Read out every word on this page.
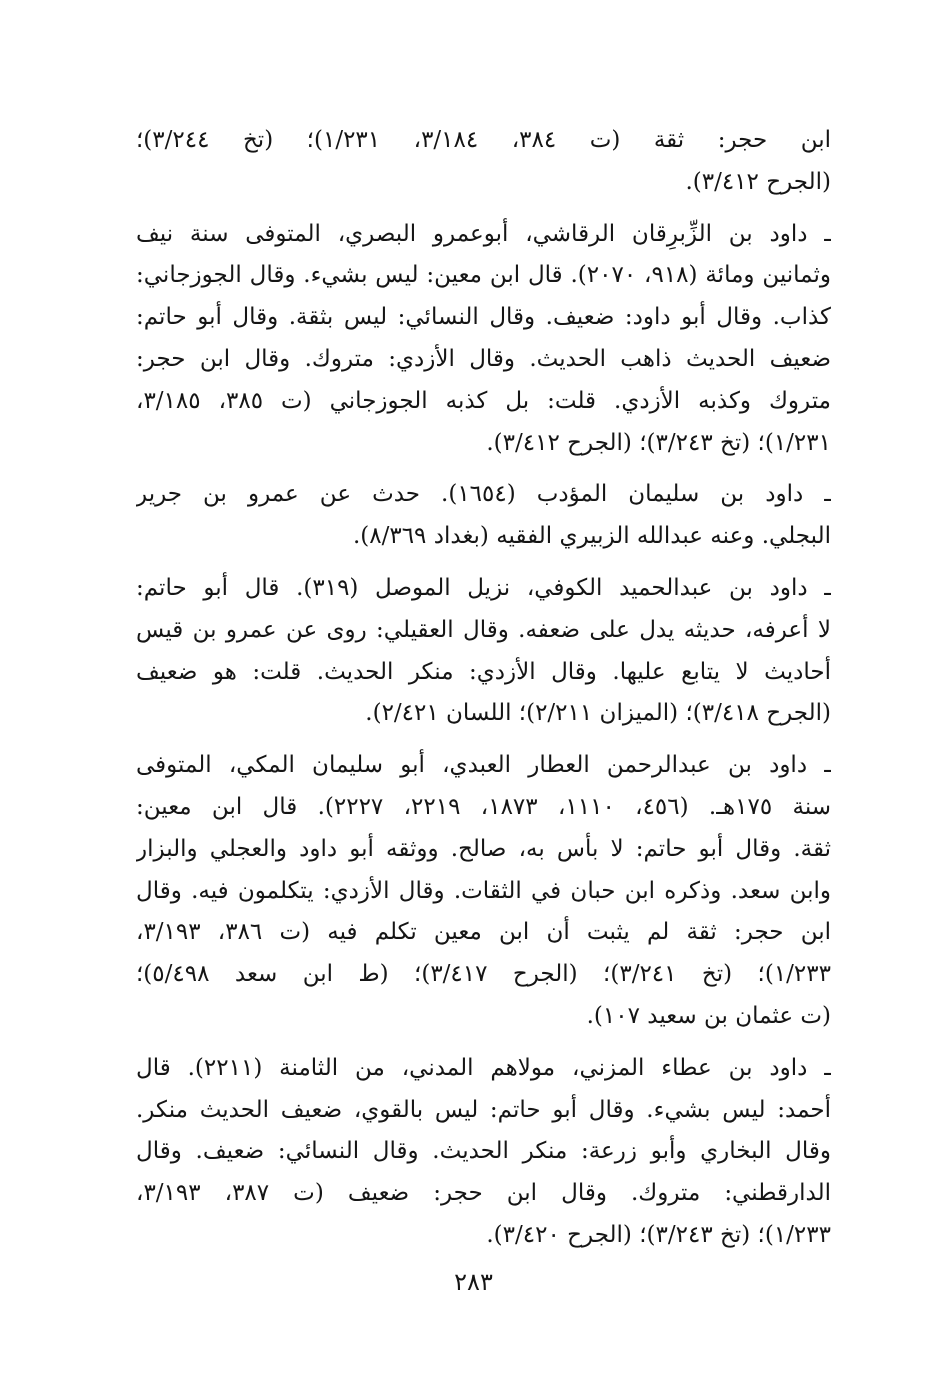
ابن حجر: ثقة (ت ٣٨٤، ٣/١٨٤، ١/٢٣١)؛ (تخ ٣/٢٤٤)؛
(الجرح ٣/٤١٢).
ـ داود بن الزِّبرِقان الرقاشي، أبوعمرو البصري، المتوفى سنة نيف
وثمانين ومائة (٩١٨، ٢٠٧٠). قال ابن معين: ليس بشيء. وقال الجوزجاني:
كذاب. وقال أبو داود: ضعيف. وقال النسائي: ليس بثقة. وقال أبو حاتم:
ضعيف الحديث ذاهب الحديث. وقال الأزدي: متروك. وقال ابن حجر:
متروك وكذبه الأزدي. قلت: بل كذبه الجوزجاني (ت ٣٨٥، ٣/١٨٥،
١/٢٣١)؛ (تخ ٣/٢٤٣)؛ (الجرح ٣/٤١٢).
ـ داود بن سليمان المؤدب (١٦٥٤). حدث عن عمرو بن جرير
البجلي. وعنه عبدالله الزبيري الفقيه (بغداد ٨/٣٦٩).
ـ داود بن عبدالحميد الكوفي، نزيل الموصل (٣١٩). قال أبو حاتم:
لا أعرفه، حديثه يدل على ضعفه. وقال العقيلي: روى عن عمرو بن قيس
أحاديث لا يتابع عليها. وقال الأزدي: منكر الحديث. قلت: هو ضعيف
(الجرح ٣/٤١٨)؛ (الميزان ٢/٢١١)؛ اللسان ٢/٤٢١).
ـ داود بن عبدالرحمن العطار العبدي، أبو سليمان المكي، المتوفى
سنة ١٧٥هـ. (٤٥٦، ١١١٠، ١٨٧٣، ٢٢١٩، ٢٢٢٧). قال ابن معين:
ثقة. وقال أبو حاتم: لا بأس به، صالح. ووثقه أبو داود والعجلي والبزار
وابن سعد. وذكره ابن حبان في الثقات. وقال الأزدي: يتكلمون فيه. وقال
ابن حجر: ثقة لم يثبت أن ابن معين تكلم فيه (ت ٣٨٦، ٣/١٩٣،
١/٢٣٣)؛ (تخ ٣/٢٤١)؛ (الجرح ٣/٤١٧)؛ (ط ابن سعد ٥/٤٩٨)؛
(ت عثمان بن سعيد ١٠٧).
ـ داود بن عطاء المزني، مولاهم المدني، من الثامنة (٢٢١١). قال
أحمد: ليس بشيء. وقال أبو حاتم: ليس بالقوي، ضعيف الحديث منكر.
وقال البخاري وأبو زرعة: منكر الحديث. وقال النسائي: ضعيف. وقال
الدارقطني: متروك. وقال ابن حجر: ضعيف (ت ٣٨٧، ٣/١٩٣،
١/٢٣٣)؛ (تخ ٣/٢٤٣)؛ (الجرح ٣/٤٢٠).
٢٨٣
